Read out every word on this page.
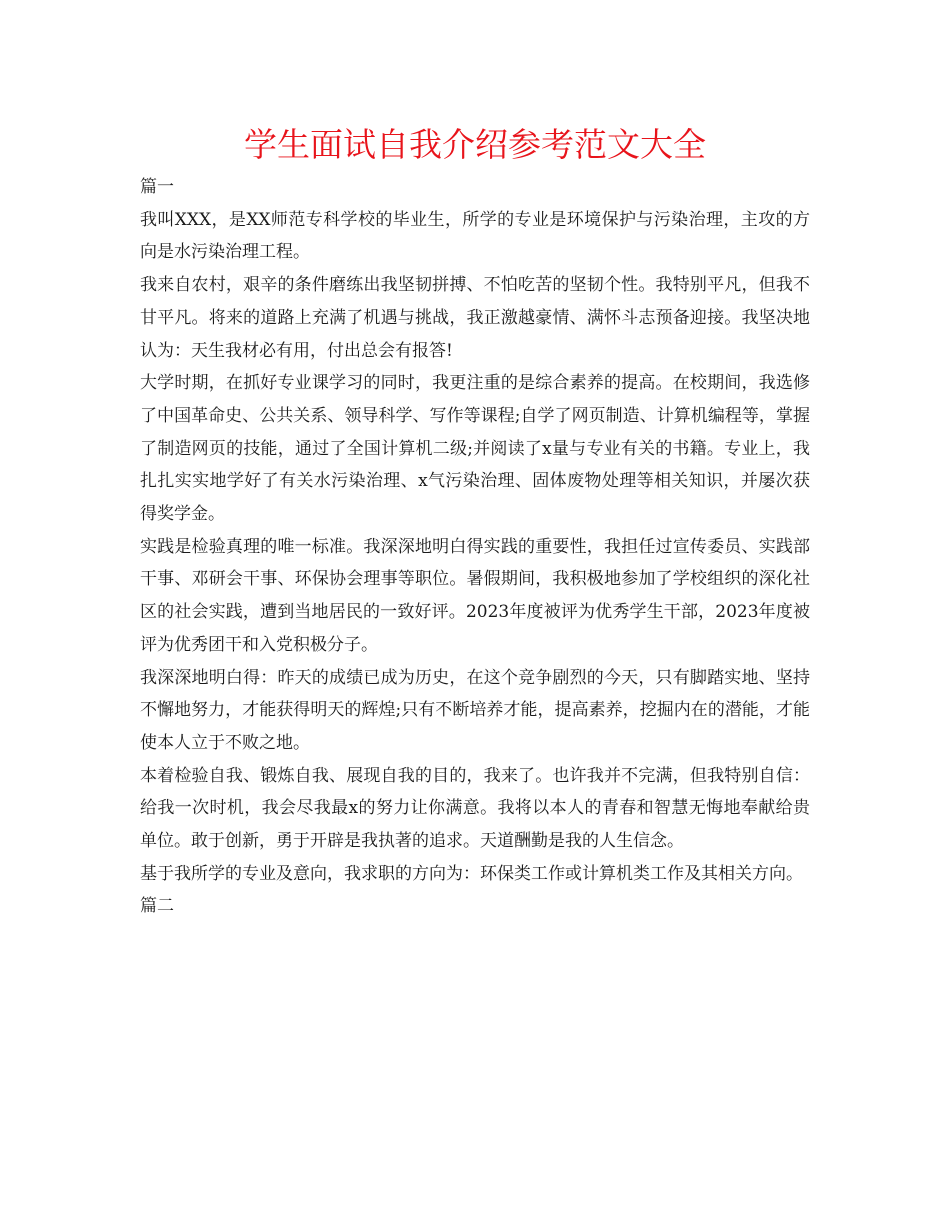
学生面试自我介绍参考范文大全

篇一

我叫XXX，是XX师范专科学校的毕业生，所学的专业是环境保护与污染治理，主攻的方向是水污染治理工程。

我来自农村，艰辛的条件磨练出我坚韧拼搏、不怕吃苦的坚韧个性。我特别平凡，但我不甘平凡。将来的道路上充满了机遇与挑战，我正激越豪情、满怀斗志预备迎接。我坚决地认为：天生我材必有用，付出总会有报答!

大学时期，在抓好专业课学习的同时，我更注重的是综合素养的提高。在校期间，我选修了中国革命史、公共关系、领导科学、写作等课程;自学了网页制造、计算机编程等，掌握了制造网页的技能，通过了全国计算机二级;并阅读了x量与专业有关的书籍。专业上，我扎扎实实地学好了有关水污染治理、x气污染治理、固体废物处理等相关知识，并屡次获得奖学金。

实践是检验真理的唯一标准。我深深地明白得实践的重要性，我担任过宣传委员、实践部干事、邓研会干事、环保协会理事等职位。暑假期间，我积极地参加了学校组织的深化社区的社会实践，遭到当地居民的一致好评。2023年度被评为优秀学生干部，2023年度被评为优秀团干和入党积极分子。

我深深地明白得：昨天的成绩已成为历史，在这个竞争剧烈的今天，只有脚踏实地、坚持不懈地努力，才能获得明天的辉煌;只有不断培养才能，提高素养，挖掘内在的潜能，才能使本人立于不败之地。

本着检验自我、锻炼自我、展现自我的目的，我来了。也许我并不完满，但我特别自信：给我一次时机，我会尽我最x的努力让你满意。我将以本人的青春和智慧无悔地奉献给贵单位。敢于创新，勇于开辟是我执著的追求。天道酬勤是我的人生信念。

基于我所学的专业及意向，我求职的方向为：环保类工作或计算机类工作及其相关方向。

篇二
